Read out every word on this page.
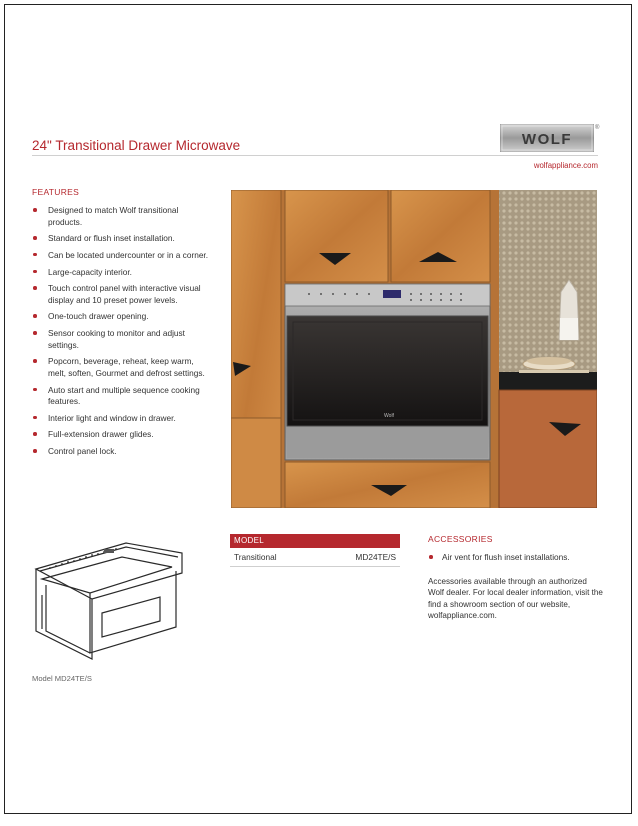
24" Transitional Drawer Microwave	WOLF
®
wolfappliance.com
FEATURES
Designed to match Wolf transitional products.
Standard or flush inset installation.
Can be located undercounter or in a corner.
Large-capacity interior.
Touch control panel with interactive visual display and 10 preset power levels.
One-touch drawer opening.
Sensor cooking to monitor and adjust settings.
Popcorn, beverage, reheat, keep warm, melt, soften, Gourmet and defrost settings.
Auto start and multiple sequence cooking features.
Interior light and window in drawer.
Full-extension drawer glides.
Control panel lock.
Wolf
Model MD24TE/S
MODEL
Transitional	MD24TE/S
ACCESSORIES
Air vent for flush inset installations.
Accessories available through an authorized Wolf dealer. For local dealer information, visit the find a showroom section of our website, wolfappliance.com.
